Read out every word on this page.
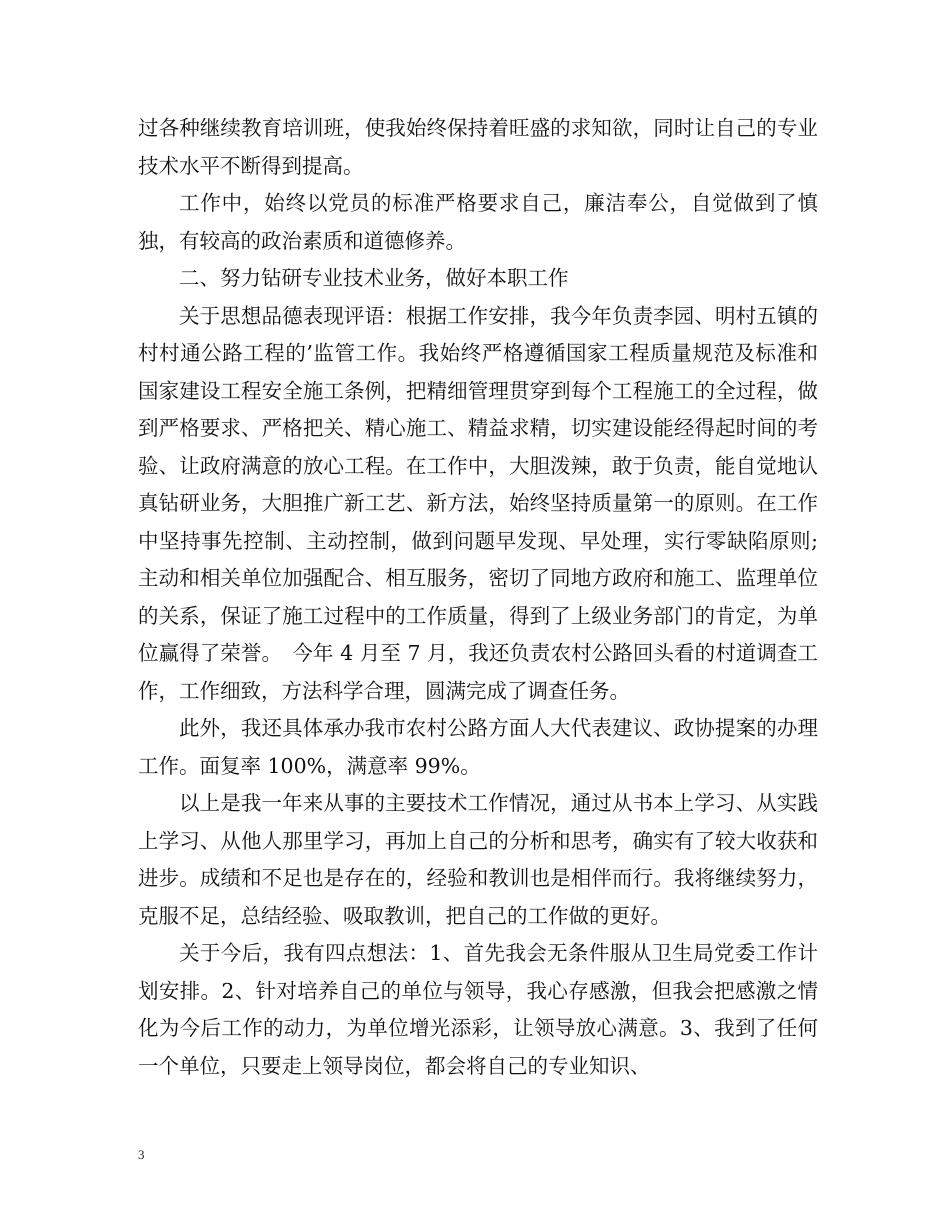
过各种继续教育培训班，使我始终保持着旺盛的求知欲，同时让自己的专业技术水平不断得到提高。

工作中，始终以党员的标准严格要求自己，廉洁奉公，自觉做到了慎独，有较高的政治素质和道德修养。

二、努力钻研专业技术业务，做好本职工作

关于思想品德表现评语：根据工作安排，我今年负责李园、明村五镇的村村通公路工程的’监管工作。我始终严格遵循国家工程质量规范及标准和国家建设工程安全施工条例，把精细管理贯穿到每个工程施工的全过程，做到严格要求、严格把关、精心施工、精益求精，切实建设能经得起时间的考验、让政府满意的放心工程。在工作中，大胆泼辣，敢于负责，能自觉地认真钻研业务，大胆推广新工艺、新方法，始终坚持质量第一的原则。在工作中坚持事先控制、主动控制，做到问题早发现、早处理，实行零缺陷原则;主动和相关单位加强配合、相互服务，密切了同地方政府和施工、监理单位的关系，保证了施工过程中的工作质量，得到了上级业务部门的肯定，为单位赢得了荣誉。　今年 4 月至 7 月，我还负责农村公路回头看的村道调查工作，工作细致，方法科学合理，圆满完成了调查任务。

此外，我还具体承办我市农村公路方面人大代表建议、政协提案的办理工作。面复率 100%，满意率 99%。

以上是我一年来从事的主要技术工作情况，通过从书本上学习、从实践上学习、从他人那里学习，再加上自己的分析和思考，确实有了较大收获和进步。成绩和不足也是存在的，经验和教训也是相伴而行。我将继续努力，克服不足，总结经验、吸取教训，把自己的工作做的更好。

关于今后，我有四点想法：1、首先我会无条件服从卫生局党委工作计划安排。2、针对培养自己的单位与领导，我心存感激，但我会把感激之情化为今后工作的动力，为单位增光添彩，让领导放心满意。3、我到了任何一个单位，只要走上领导岗位，都会将自己的专业知识、

3
